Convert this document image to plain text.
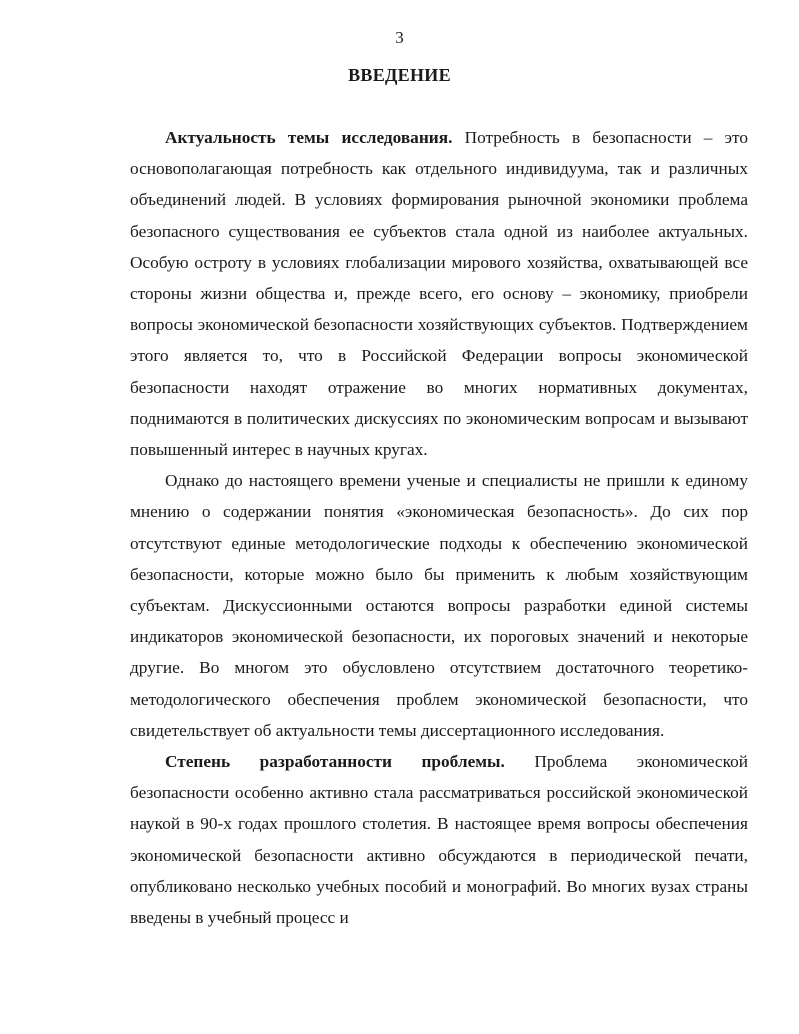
3
ВВЕДЕНИЕ

Актуальность темы исследования. Потребность в безопасности – это основополагающая потребность как отдельного индивидуума, так и различных объединений людей. В условиях формирования рыночной экономики проблема безопасного существования ее субъектов стала одной из наиболее актуальных. Особую остроту в условиях глобализации мирового хозяйства, охватывающей все стороны жизни общества и, прежде всего, его основу – экономику, приобрели вопросы экономической безопасности хозяйствующих субъектов. Подтверждением этого является то, что в Российской Федерации вопросы экономической безопасности находят отражение во многих нормативных документах, поднимаются в политических дискуссиях по экономическим вопросам и вызывают повышенный интерес в научных кругах.

Однако до настоящего времени ученые и специалисты не пришли к единому мнению о содержании понятия «экономическая безопасность». До сих пор отсутствуют единые методологические подходы к обеспечению экономической безопасности, которые можно было бы применить к любым хозяйствующим субъектам. Дискуссионными остаются вопросы разработки единой системы индикаторов экономической безопасности, их пороговых значений и некоторые другие. Во многом это обусловлено отсутствием достаточного теоретико-методологического обеспечения проблем экономической безопасности, что свидетельствует об актуальности темы диссертационного исследования.

Степень разработанности проблемы. Проблема экономической безопасности особенно активно стала рассматриваться российской экономической наукой в 90-х годах прошлого столетия. В настоящее время вопросы обеспечения экономической безопасности активно обсуждаются в периодической печати, опубликовано несколько учебных пособий и монографий. Во многих вузах страны введены в учебный процесс и
